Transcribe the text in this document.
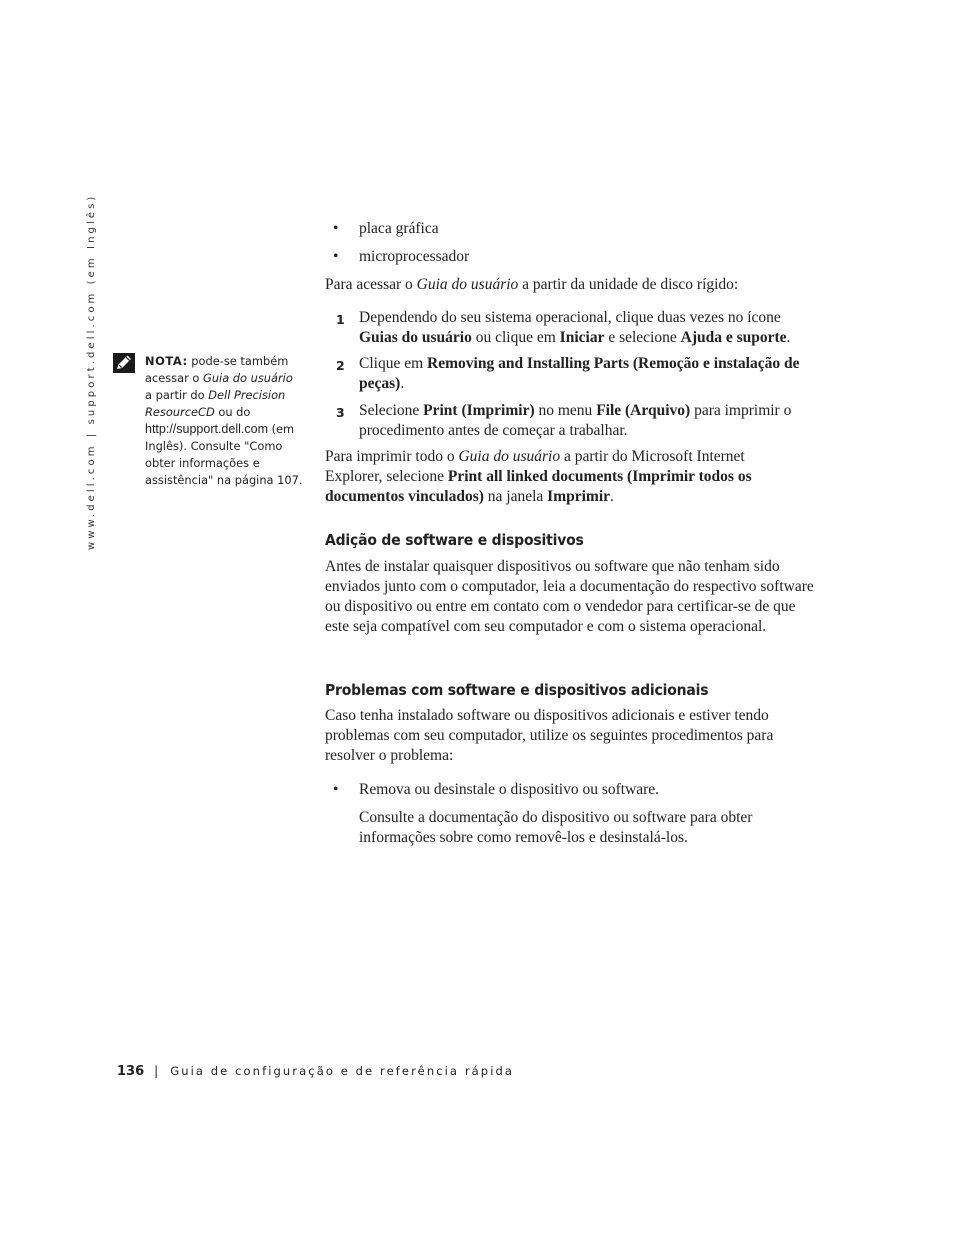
www.dell.com | support.dell.com (em Inglês)	NOTA: pode-se também acessar o Guia do usuário a partir do Dell Precision ResourceCD ou do http://support.dell.com (em Inglês). Consulte "Como obter informações e assistência" na página 107.
•	placa gráfica
•	microprocessador

Para acessar o Guia do usuário a partir da unidade de disco rígido:

1 Dependendo do seu sistema operacional, clique duas vezes no ícone Guias do usuário ou clique em Iniciar e selecione Ajuda e suporte.
2 Clique em Removing and Installing Parts (Remoção e instalação de peças).
3 Selecione Print (Imprimir) no menu File (Arquivo) para imprimir o procedimento antes de começar a trabalhar.

Para imprimir todo o Guia do usuário a partir do Microsoft Internet Explorer, selecione Print all linked documents (Imprimir todos os documentos vinculados) na janela Imprimir.

Adição de software e dispositivos

Antes de instalar quaisquer dispositivos ou software que não tenham sido enviados junto com o computador, leia a documentação do respectivo software ou dispositivo ou entre em contato com o vendedor para certificar-se de que este seja compatível com seu computador e com o sistema operacional.

Problemas com software e dispositivos adicionais

Caso tenha instalado software ou dispositivos adicionais e estiver tendo problemas com seu computador, utilize os seguintes procedimentos para resolver o problema:

•	Remova ou desinstale o dispositivo ou software.

Consulte a documentação do dispositivo ou software para obter informações sobre como removê-los e desinstalá-los.

136 | Guia de configuração e de referência rápida
